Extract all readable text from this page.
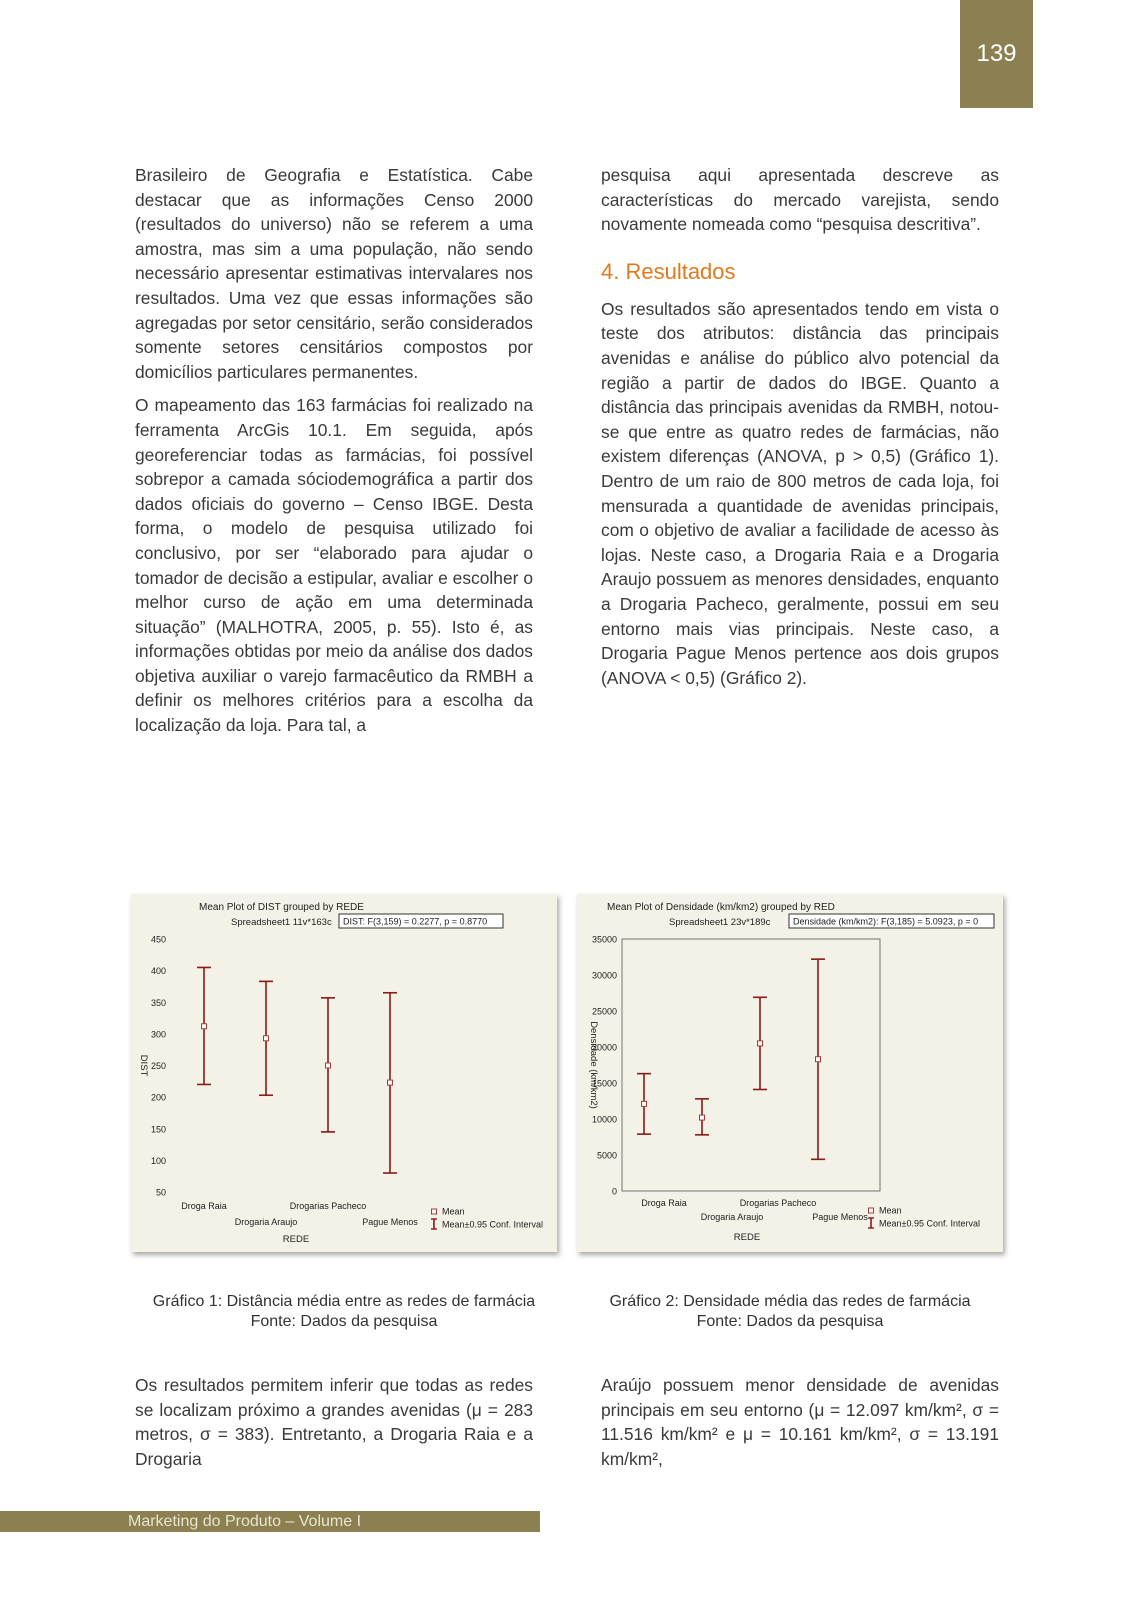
139

Brasileiro de Geografia e Estatística. Cabe destacar que as informações Censo 2000 (resultados do universo) não se referem a uma amostra, mas sim a uma população, não sendo necessário apresentar estimativas intervalares nos resultados. Uma vez que essas informações são agregadas por setor censitário, serão considerados somente setores censitários compostos por domicílios particulares permanentes.

O mapeamento das 163 farmácias foi realizado na ferramenta ArcGis 10.1. Em seguida, após georeferenciar todas as farmácias, foi possível sobrepor a camada sóciodemográfica a partir dos dados oficiais do governo – Censo IBGE. Desta forma, o modelo de pesquisa utilizado foi conclusivo, por ser “elaborado para ajudar o tomador de decisão a estipular, avaliar e escolher o melhor curso de ação em uma determinada situação” (MALHOTRA, 2005, p. 55). Isto é, as informações obtidas por meio da análise dos dados objetiva auxiliar o varejo farmacêutico da RMBH a definir os melhores critérios para a escolha da localização da loja. Para tal, a

pesquisa aqui apresentada descreve as características do mercado varejista, sendo novamente nomeada como “pesquisa descritiva”.

4. Resultados

Os resultados são apresentados tendo em vista o teste dos atributos: distância das principais avenidas e análise do público alvo potencial da região a partir de dados do IBGE. Quanto a distância das principais avenidas da RMBH, notou-se que entre as quatro redes de farmácias, não existem diferenças (ANOVA, p > 0,5) (Gráfico 1). Dentro de um raio de 800 metros de cada loja, foi mensurada a quantidade de avenidas principais, com o objetivo de avaliar a facilidade de acesso às lojas. Neste caso, a Drogaria Raia e a Drogaria Araujo possuem as menores densidades, enquanto a Drogaria Pacheco, geralmente, possui em seu entorno mais vias principais. Neste caso, a Drogaria Pague Menos pertence aos dois grupos (ANOVA < 0,5) (Gráfico 2).

Mean Plot of DIST grouped by REDE
Spreadsheet1 11v*163c DIST: F(3,159) = 0.2277, p = 0.8770
50
100
150
200
250
300
350
400
450
DIST
Droga Raia
Drogaria Araujo
Drogarias Pacheco
Pague Menos
REDE
Mean
Mean±0.95 Conf. Interval
Mean Plot of Densidade (km/km2) grouped by RED
Spreadsheet1 23v*189c	Densidade (km/km2): F(3,185) = 5.0923, p = 0
0
5000
10000
15000
20000
25000
30000
35000
Densidade (km/km2)
Droga Raia
Drogaria Araujo
Drogarias Pacheco
Pague Menos
REDE
Mean
Mean±0.95 Conf. Interval
Gráfico 1: Distância média entre as redes de farmácia
Fonte: Dados da pesquisa
Gráfico 2: Densidade média das redes de farmácia
Fonte: Dados da pesquisa

Os resultados permitem inferir que todas as redes se localizam próximo a grandes avenidas (μ = 283 metros, σ = 383). Entretanto, a Drogaria Raia e a Drogaria

Araújo possuem menor densidade de avenidas principais em seu entorno (μ = 12.097 km/km², σ = 11.516 km/km² e μ = 10.161 km/km², σ = 13.191 km/km²,

Marketing do Produto – Volume I
